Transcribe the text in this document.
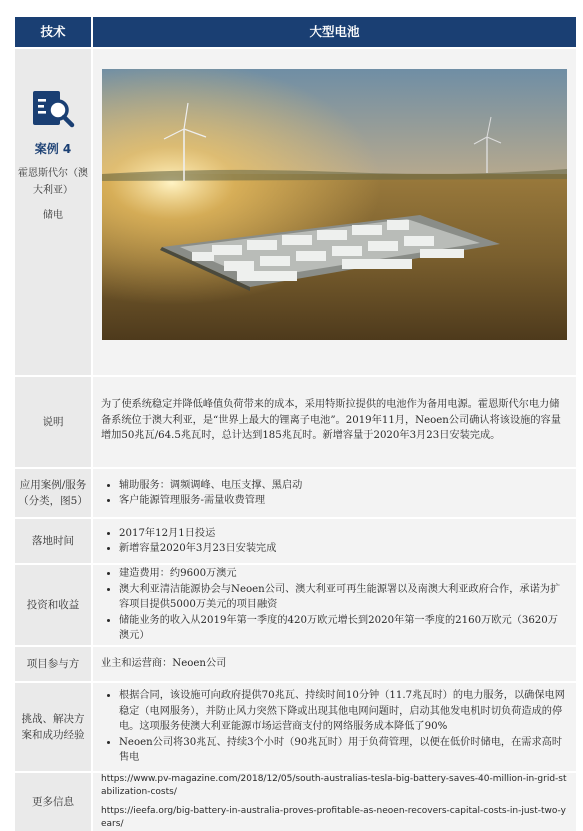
技术	大型电池
案例 4
霍恩斯代尔（澳大利亚）
储电
说明
为了使系统稳定并降低峰值负荷带来的成本，采用特斯拉提供的电池作为备用电源。霍恩斯代尔电力储备系统位于澳大利亚，是“世界上最大的锂离子电池”。2019年11月，Neoen公司确认将该设施的容量增加50兆瓦/64.5兆瓦时，总计达到185兆瓦时。新增容量于2020年3月23日安装完成。
应用案例/服务（分类，图5）
• 辅助服务：调频调峰、电压支撑、黑启动
• 客户能源管理服务-需量收费管理
落地时间
• 2017年12月1日投运
• 新增容量2020年3月23日安装完成
投资和收益
• 建造费用：约9600万澳元
• 澳大利亚清洁能源协会与Neoen公司、澳大利亚可再生能源署以及南澳大利亚政府合作，承诺为扩容项目提供5000万美元的项目融资
• 储能业务的收入从2019年第一季度的420万欧元增长到2020年第一季度的2160万欧元（3620万澳元）
项目参与方	业主和运营商：Neoen公司
挑战、解决方案和成功经验
• 根据合同，该设施可向政府提供70兆瓦、持续时间10分钟（11.7兆瓦时）的电力服务，以确保电网稳定（电网服务），并防止风力突然下降或出现其他电网问题时，启动其他发电机时切负荷造成的停电。这项服务使澳大利亚能源市场运营商支付的网络服务成本降低了90%
• Neoen公司将30兆瓦、持续3个小时（90兆瓦时）用于负荷管理，以便在低价时储电，在需求高时售电
更多信息
https://www.pv-magazine.com/2018/12/05/south-australias-tesla-big-battery-saves-40-million-in-grid-stabilization-costs/
https://ieefa.org/big-battery-in-australia-proves-profitable-as-neoen-recovers-capital-costs-in-just-two-years/
